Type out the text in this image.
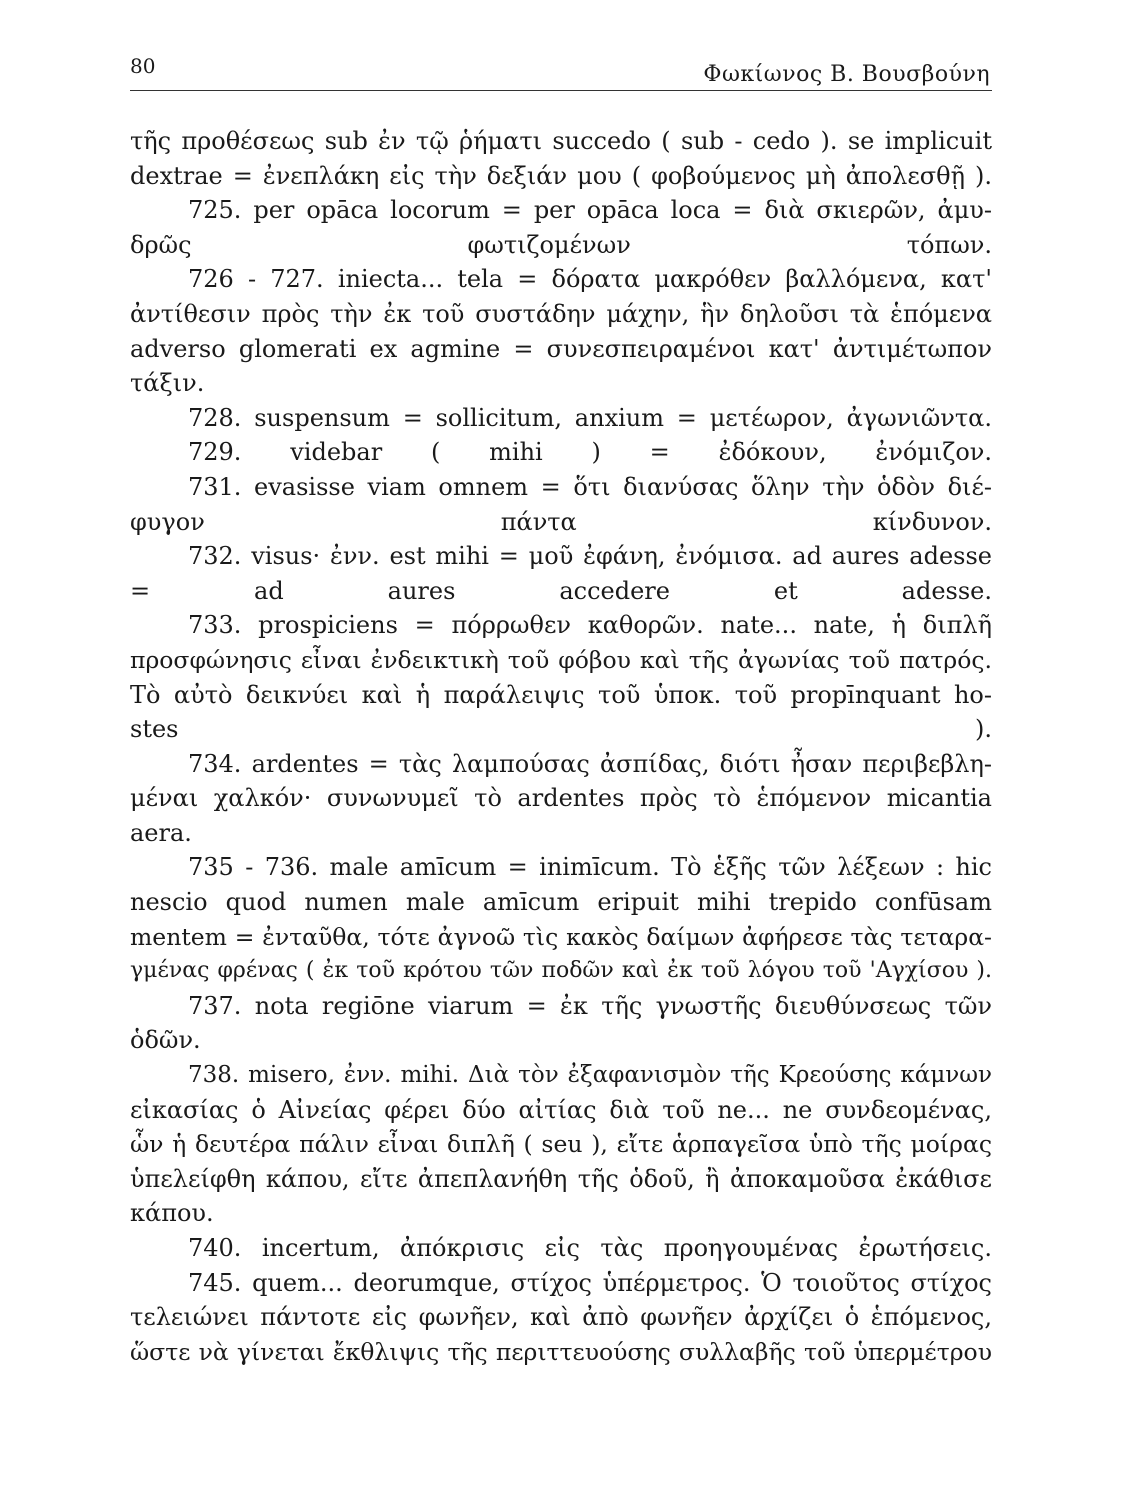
80	Φωκίωνος Β. Βουσβούνη
τῆς προθέσεως sub ἐν τῷ ῥήματι succedo ( sub - cedo ). se implicuit
dextrae = ἐνεπλάκη εἰς τὴν δεξιάν μου ( φοβούμενος μὴ ἀπολεσθῇ ).
725. per opāca locorum = per opāca loca = διὰ σκιερῶν, ἀμυ-
δρῶς φωτιζομένων τόπων.
726 - 727. iniecta... tela = δόρατα μακρόθεν βαλλόμενα, κατ'
ἀντίθεσιν πρὸς τὴν ἐκ τοῦ συστάδην μάχην, ἣν δηλοῦσι τὰ ἑπόμενα
adverso glomerati ex agmine = συνεσπειραμένοι κατ' ἀντιμέτωπον
τάξιν.
728. suspensum = sollicitum, anxium = μετέωρον, ἀγωνιῶντα.
729. videbar ( mihi ) = ἐδόκουν, ἐνόμιζον.
731. evasisse viam omnem = ὅτι διανύσας ὅλην τὴν ὁδὸν διέ-
φυγον πάντα κίνδυνον.
732. visus· ἐνν. est mihi = μοῦ ἐφάνη, ἐνόμισα. ad aures adesse
= ad aures accedere et adesse.
733. prospiciens = πόρρωθεν καθορῶν. nate... nate, ἡ διπλῆ
προσφώνησις εἶναι ἐνδεικτικὴ τοῦ φόβου καὶ τῆς ἀγωνίας τοῦ πατρός.
Τὸ αὐτὸ δεικνύει καὶ ἡ παράλειψις τοῦ ὑποκ. τοῦ propīnquant ho-
stes ).
734. ardentes = τὰς λαμπούσας ἀσπίδας, διότι ἦσαν περιβεβλη-
μέναι χαλκόν· συνωνυμεῖ τὸ ardentes πρὸς τὸ ἑπόμενον micantia
aera.
735 - 736. male amīcum = inimīcum. Τὸ ἑξῆς τῶν λέξεων : hic
nescio quod numen male amīcum eripuit mihi trepido confūsam
mentem = ἐνταῦθα, τότε ἀγνοῶ τὶς κακὸς δαίμων ἀφήρεσε τὰς τεταρα-
γμένας φρένας ( ἐκ τοῦ κρότου τῶν ποδῶν καὶ ἐκ τοῦ λόγου τοῦ 'Αγχίσου ).
737. nota regiōne viarum = ἐκ τῆς γνωστῆς διευθύνσεως τῶν
ὁδῶν.
738. misero, ἐνν. mihi. Διὰ τὸν ἐξαφανισμὸν τῆς Κρεούσης κάμνων
εἰκασίας ὁ Αἰνείας φέρει δύο αἰτίας διὰ τοῦ ne... ne συνδεομένας,
ὧν ἡ δευτέρα πάλιν εἶναι διπλῆ ( seu ), εἴτε ἁρπαγεῖσα ὑπὸ τῆς μοίρας
ὑπελείφθη κάπου, εἴτε ἀπεπλανήθη τῆς ὁδοῦ, ἢ ἀποκαμοῦσα ἐκάθισε
κάπου.
740. incertum, ἀπόκρισις εἰς τὰς προηγουμένας ἐρωτήσεις.
745. quem... deorumque, στίχος ὑπέρμετρος. Ὁ τοιοῦτος στίχος
τελειώνει πάντοτε εἰς φωνῆεν, καὶ ἀπὸ φωνῆεν ἀρχίζει ὁ ἑπόμενος,
ὥστε νὰ γίνεται ἔκθλιψις τῆς περιττευούσης συλλαβῆς τοῦ ὑπερμέτρου
